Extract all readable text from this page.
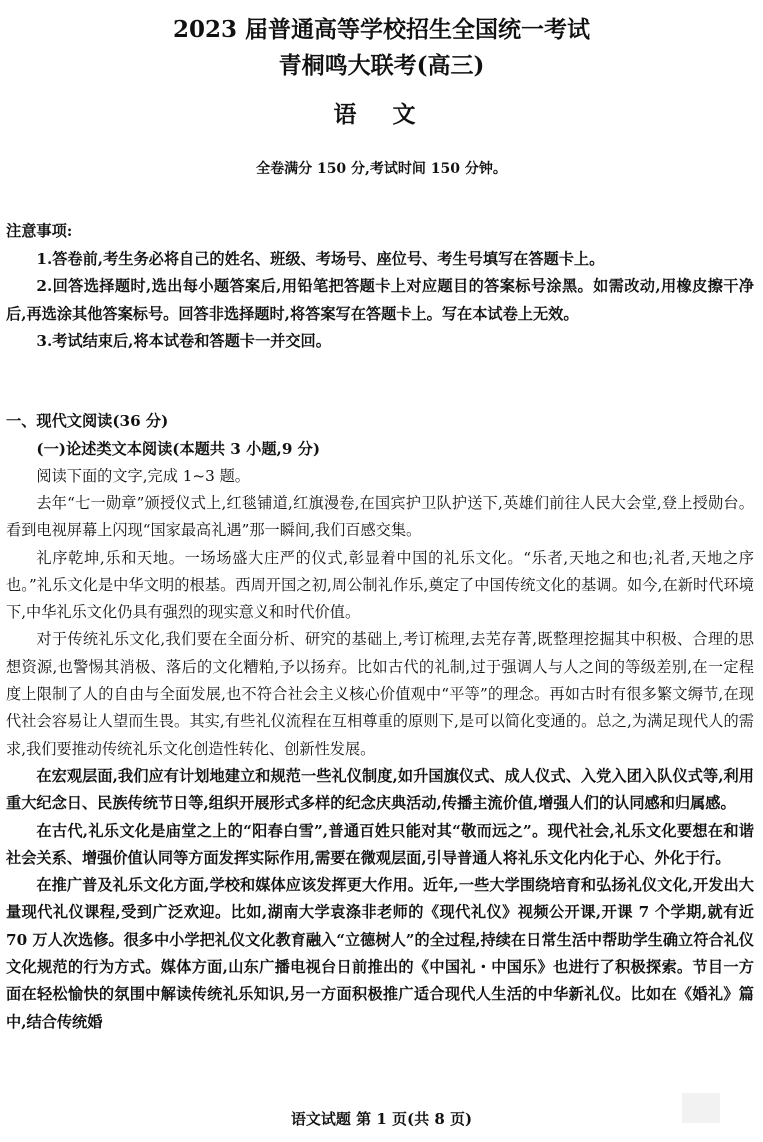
2023 届普通高等学校招生全国统一考试
青桐鸣大联考(高三)
语 文
全卷满分 150 分,考试时间 150 分钟。
注意事项:

1.答卷前,考生务必将自己的姓名、班级、考场号、座位号、考生号填写在答题卡上。

2.回答选择题时,选出每小题答案后,用铅笔把答题卡上对应题目的答案标号涂黑。如需改动,用橡皮擦干净后,再选涂其他答案标号。回答非选择题时,将答案写在答题卡上。写在本试卷上无效。

3.考试结束后,将本试卷和答题卡一并交回。

一、现代文阅读(36 分)
(一)论述类文本阅读(本题共 3 小题,9 分)
阅读下面的文字,完成 1~3 题。

去年“七一勋章”颁授仪式上,红毯铺道,红旗漫卷,在国宾护卫队护送下,英雄们前往人民大会堂,登上授勋台。看到电视屏幕上闪现“国家最高礼遇”那一瞬间,我们百感交集。

礼序乾坤,乐和天地。一场场盛大庄严的仪式,彰显着中国的礼乐文化。“乐者,天地之和也;礼者,天地之序也。”礼乐文化是中华文明的根基。西周开国之初,周公制礼作乐,奠定了中国传统文化的基调。如今,在新时代环境下,中华礼乐文化仍具有强烈的现实意义和时代价值。

对于传统礼乐文化,我们要在全面分析、研究的基础上,考订梳理,去芜存菁,既整理挖掘其中积极、合理的思想资源,也警惕其消极、落后的文化糟粕,予以扬弃。比如古代的礼制,过于强调人与人之间的等级差别,在一定程度上限制了人的自由与全面发展,也不符合社会主义核心价值观中“平等”的理念。再如古时有很多繁文缛节,在现代社会容易让人望而生畏。其实,有些礼仪流程在互相尊重的原则下,是可以简化变通的。总之,为满足现代人的需求,我们要推动传统礼乐文化创造性转化、创新性发展。

在宏观层面,我们应有计划地建立和规范一些礼仪制度,如升国旗仪式、成人仪式、入党入团入队仪式等,利用重大纪念日、民族传统节日等,组织开展形式多样的纪念庆典活动,传播主流价值,增强人们的认同感和归属感。

在古代,礼乐文化是庙堂之上的“阳春白雪”,普通百姓只能对其“敬而远之”。现代社会,礼乐文化要想在和谐社会关系、增强价值认同等方面发挥实际作用,需要在微观层面,引导普通人将礼乐文化内化于心、外化于行。

在推广普及礼乐文化方面,学校和媒体应该发挥更大作用。近年,一些大学围绕培育和弘扬礼仪文化,开发出大量现代礼仪课程,受到广泛欢迎。比如,湖南大学袁涤非老师的《现代礼仪》视频公开课,开课 7 个学期,就有近 70 万人次选修。很多中小学把礼仪文化教育融入“立德树人”的全过程,持续在日常生活中帮助学生确立符合礼仪文化规范的行为方式。媒体方面,山东广播电视台日前推出的《中国礼・中国乐》也进行了积极探索。节目一方面在轻松愉快的氛围中解读传统礼乐知识,另一方面积极推广适合现代人生活的中华新礼仪。比如在《婚礼》篇中,结合传统婚

语文试题 第 1 页(共 8 页)
